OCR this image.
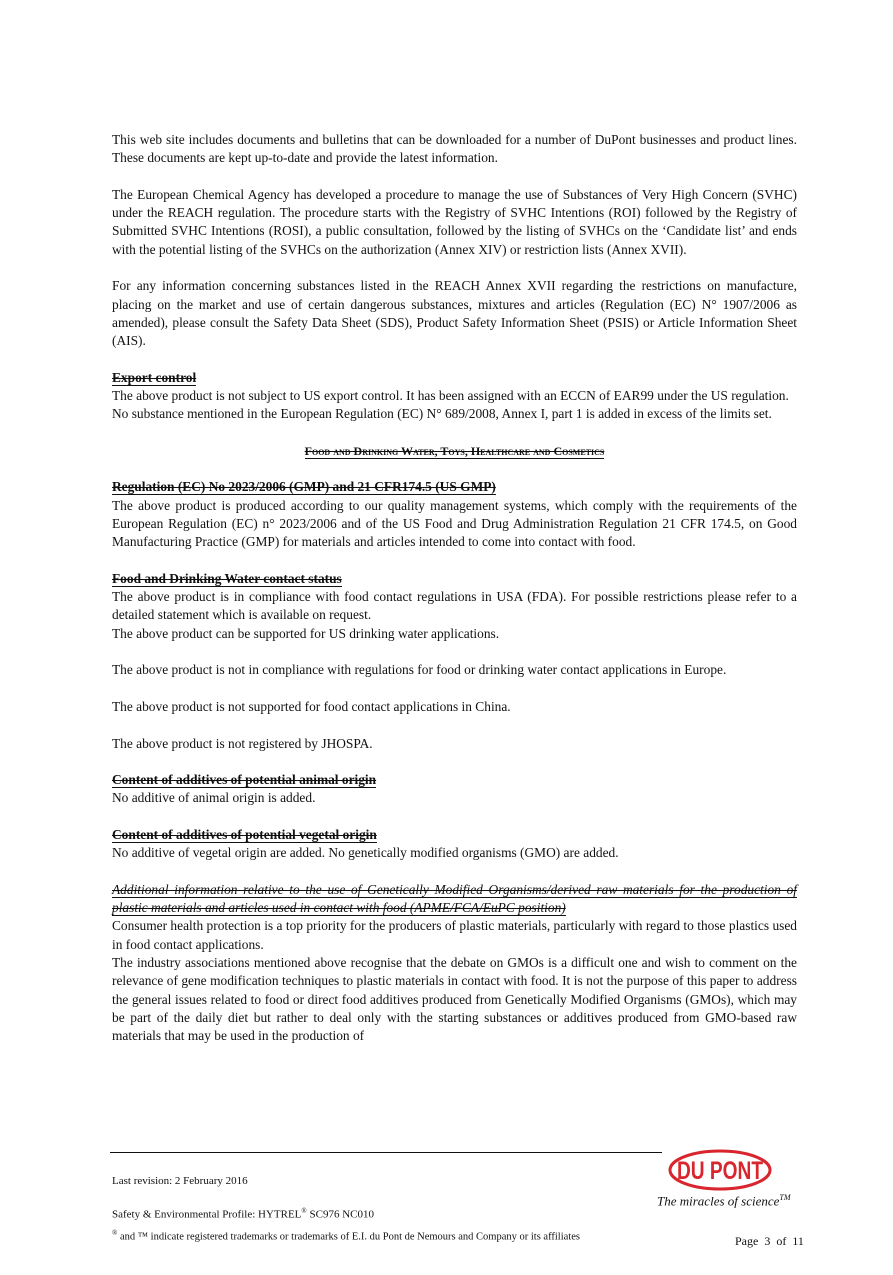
This web site includes documents and bulletins that can be downloaded for a number of DuPont businesses and product lines. These documents are kept up-to-date and provide the latest information.

The European Chemical Agency has developed a procedure to manage the use of Substances of Very High Concern (SVHC) under the REACH regulation. The procedure starts with the Registry of SVHC Intentions (ROI) followed by the Registry of Submitted SVHC Intentions (ROSI), a public consultation, followed by the listing of SVHCs on the ‘Candidate list’ and ends with the potential listing of the SVHCs on the authorization (Annex XIV) or restriction lists (Annex XVII).

For any information concerning substances listed in the REACH Annex XVII regarding the restrictions on manufacture, placing on the market and use of certain dangerous substances, mixtures and articles (Regulation (EC) N° 1907/2006 as amended), please consult the Safety Data Sheet (SDS), Product Safety Information Sheet (PSIS) or Article Information Sheet (AIS).

Export control

The above product is not subject to US export control. It has been assigned with an ECCN of EAR99 under the US regulation.

No substance mentioned in the European Regulation (EC) N° 689/2008, Annex I, part 1 is added in excess of the limits set.

Food and Drinking Water, Toys, Healthcare and Cosmetics
Regulation (EC) No 2023/2006 (GMP) and 21 CFR174.5 (US GMP)

The above product is produced according to our quality management systems, which comply with the requirements of the European Regulation (EC) n° 2023/2006 and of the US Food and Drug Administration Regulation 21 CFR 174.5, on Good Manufacturing Practice (GMP) for materials and articles intended to come into contact with food.

Food and Drinking Water contact status

The above product is in compliance with food contact regulations in USA (FDA). For possible restrictions please refer to a detailed statement which is available on request.

The above product can be supported for US drinking water applications.

The above product is not in compliance with regulations for food or drinking water contact applications in Europe.

The above product is not supported for food contact applications in China.

The above product is not registered by JHOSPA.

Content of additives of potential animal origin

No additive of animal origin is added.

Content of additives of potential vegetal origin

No additive of vegetal origin are added. No genetically modified organisms (GMO) are added.

Additional information relative to the use of Genetically Modified Organisms/derived raw materials for the production of plastic materials and articles used in contact with food (APME/FCA/EuPC position)

Consumer health protection is a top priority for the producers of plastic materials, particularly with regard to those plastics used in food contact applications.

The industry associations mentioned above recognise that the debate on GMOs is a difficult one and wish to comment on the relevance of gene modification techniques to plastic materials in contact with food. It is not the purpose of this paper to address the general issues related to food or direct food additives produced from Genetically Modified Organisms (GMOs), which may be part of the daily diet but rather to deal only with the starting substances or additives produced from GMO-based raw materials that may be used in the production of

Last revision: 2 February 2016
Safety & Environmental Profile: HYTREL® SC976 NC010
® and ™ indicate registered trademarks or trademarks of E.I. du Pont de Nemours and Company or its affiliates
DU PONT
The miracles of science™
Page 3 of 11
